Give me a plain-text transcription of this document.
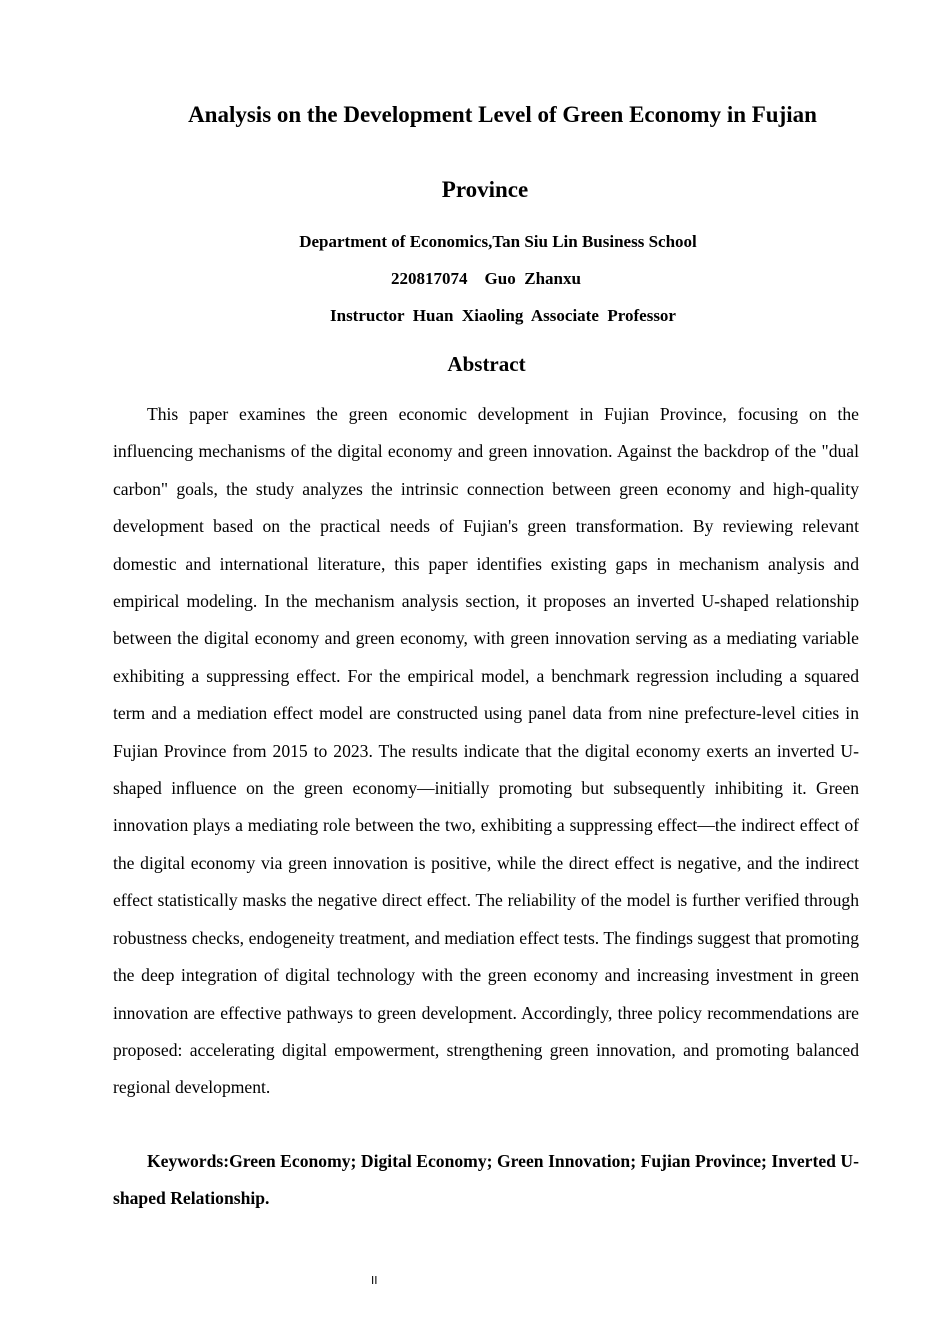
Analysis on the Development Level of Green Economy in Fujian
Province
Department of Economics,Tan Siu Lin Business School
220817074    Guo  Zhanxu
Instructor  Huan  Xiaoling  Associate  Professor
Abstract

This paper examines the green economic development in Fujian Province, focusing on the influencing mechanisms of the digital economy and green innovation. Against the backdrop of the "dual carbon" goals, the study analyzes the intrinsic connection between green economy and high-quality development based on the practical needs of Fujian's green transformation. By reviewing relevant domestic and international literature, this paper identifies existing gaps in mechanism analysis and empirical modeling. In the mechanism analysis section, it proposes an inverted U-shaped relationship between the digital economy and green economy, with green innovation serving as a mediating variable exhibiting a suppressing effect. For the empirical model, a benchmark regression including a squared term and a mediation effect model are constructed using panel data from nine prefecture-level cities in Fujian Province from 2015 to 2023. The results indicate that the digital economy exerts an inverted U-shaped influence on the green economy—initially promoting but subsequently inhibiting it. Green innovation plays a mediating role between the two, exhibiting a suppressing effect—the indirect effect of the digital economy via green innovation is positive, while the direct effect is negative, and the indirect effect statistically masks the negative direct effect. The reliability of the model is further verified through robustness checks, endogeneity treatment, and mediation effect tests. The findings suggest that promoting the deep integration of digital technology with the green economy and increasing investment in green innovation are effective pathways to green development. Accordingly, three policy recommendations are proposed: accelerating digital empowerment, strengthening green innovation, and promoting balanced regional development.

Keywords:Green Economy; Digital Economy; Green Innovation; Fujian Province; Inverted U-shaped Relationship.

II
